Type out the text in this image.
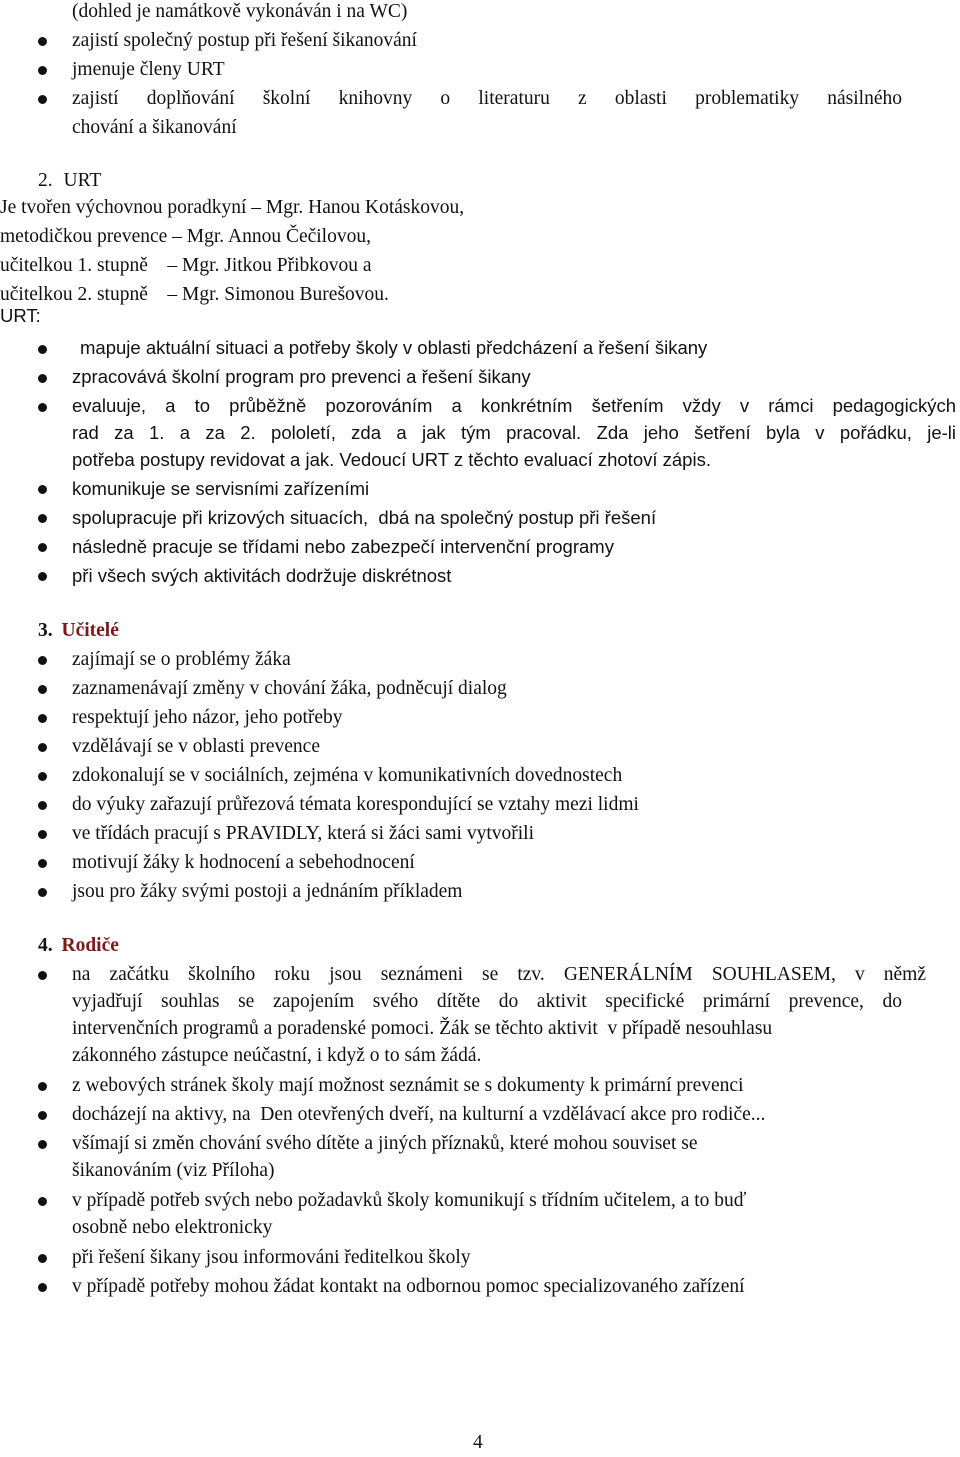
(dohled je namátkově vykonáván i na WC)
zajistí společný postup při řešení šikanování
jmenuje členy URT
zajistí doplňování školní knihovny o literaturu z oblasti problematiky násilného
chování a šikanování
2. URT
Je tvořen výchovnou poradkyní – Mgr. Hanou Kotáskovou,
metodičkou prevence – Mgr. Annou Čečilovou,
učitelkou 1. stupně    – Mgr. Jitkou Přibkovou a
učitelkou 2. stupně    – Mgr. Simonou Burešovou.
URT:
mapuje aktuální situaci a potřeby školy v oblasti předcházení a řešení šikany
zpracovává školní program pro prevenci a řešení šikany
evaluuje, a to průběžně pozorováním a konkrétním šetřením vždy v rámci pedagogických
rad za 1. a za 2. pololetí, zda a jak tým pracoval. Zda jeho šetření byla v pořádku, je-li
potřeba postupy revidovat a jak. Vedoucí URT z těchto evaluací zhotoví zápis.
komunikuje se servisními zařízeními
spolupracuje při krizových situacích,  dbá na společný postup při řešení
následně pracuje se třídami nebo zabezpečí intervenční programy
při všech svých aktivitách dodržuje diskrétnost
3. Učitelé
zajímají se o problémy žáka
zaznamenávají změny v chování žáka, podněcují dialog
respektují jeho názor, jeho potřeby
vzdělávají se v oblasti prevence
zdokonalují se v sociálních, zejména v komunikativních dovednostech
do výuky zařazují průřezová témata korespondující se vztahy mezi lidmi
ve třídách pracují s PRAVIDLY, která si žáci sami vytvořili
motivují žáky k hodnocení a sebehodnocení
jsou pro žáky svými postoji a jednáním příkladem
4. Rodiče
na začátku školního roku jsou seznámeni se tzv. GENERÁLNÍM SOUHLASEM, v němž
vyjadřují souhlas se zapojením svého dítěte do aktivit specifické primární prevence, do
intervenčních programů a poradenské pomoci. Žák se těchto aktivit  v případě nesouhlasu
zákonného zástupce neúčastní, i když o to sám žádá.
z webových stránek školy mají možnost seznámit se s dokumenty k primární prevenci
docházejí na aktivy, na  Den otevřených dveří, na kulturní a vzdělávací akce pro rodiče...
všímají si změn chování svého dítěte a jiných příznaků, které mohou souviset se
šikanováním (viz Příloha)
v případě potřeb svých nebo požadavků školy komunikují s třídním učitelem, a to buď
osobně nebo elektronicky
při řešení šikany jsou informováni ředitelkou školy
v případě potřeby mohou žádat kontakt na odbornou pomoc specializovaného zařízení
4
